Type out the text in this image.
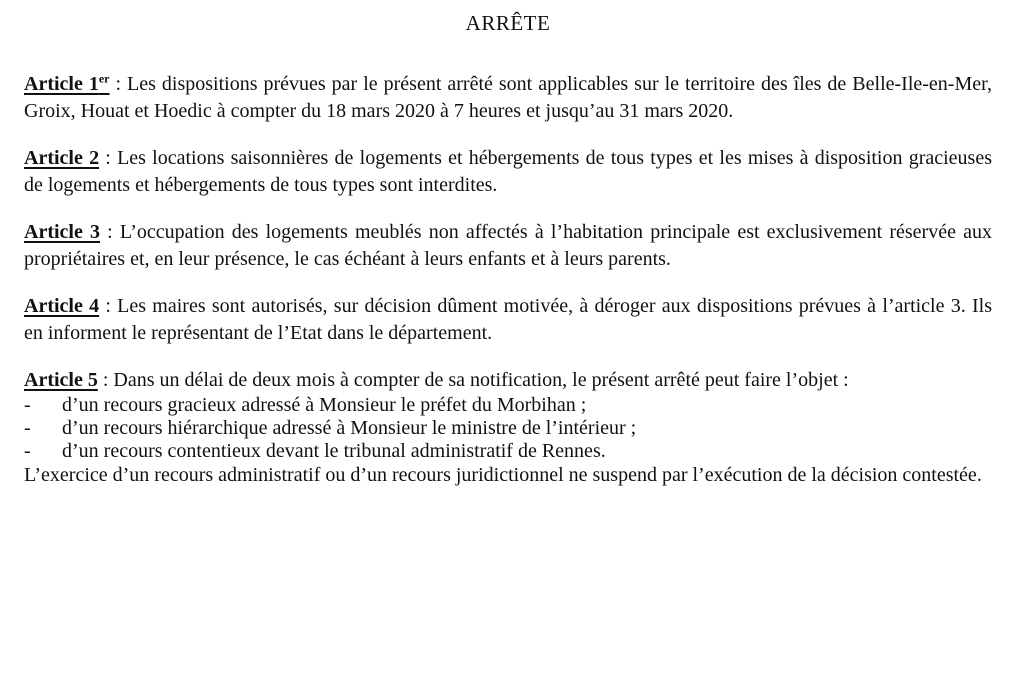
ARRÊTE

Article 1er : Les dispositions prévues par le présent arrêté sont applicables sur le territoire des îles de Belle-Ile-en-Mer, Groix, Houat et Hoedic à compter du 18 mars 2020 à 7 heures et jusqu’au 31 mars 2020.

Article 2 : Les locations saisonnières de logements et hébergements de tous types et les mises à disposition gracieuses de logements et hébergements de tous types sont interdites.

Article 3 : L’occupation des logements meublés non affectés à l’habitation principale est exclusivement réservée aux propriétaires et, en leur présence, le cas échéant à leurs enfants et à leurs parents.

Article 4 : Les maires sont autorisés, sur décision dûment motivée, à déroger aux dispositions prévues à l’article 3. Ils en informent le représentant de l’Etat dans le département.

Article 5 : Dans un délai de deux mois à compter de sa notification, le présent arrêté peut faire l’objet :
- d’un recours gracieux adressé à Monsieur le préfet du Morbihan ;
- d’un recours hiérarchique adressé à Monsieur le ministre de l’intérieur ;
- d’un recours contentieux devant le tribunal administratif de Rennes.
L’exercice d’un recours administratif ou d’un recours juridictionnel ne suspend par l’exécution de la décision contestée.
